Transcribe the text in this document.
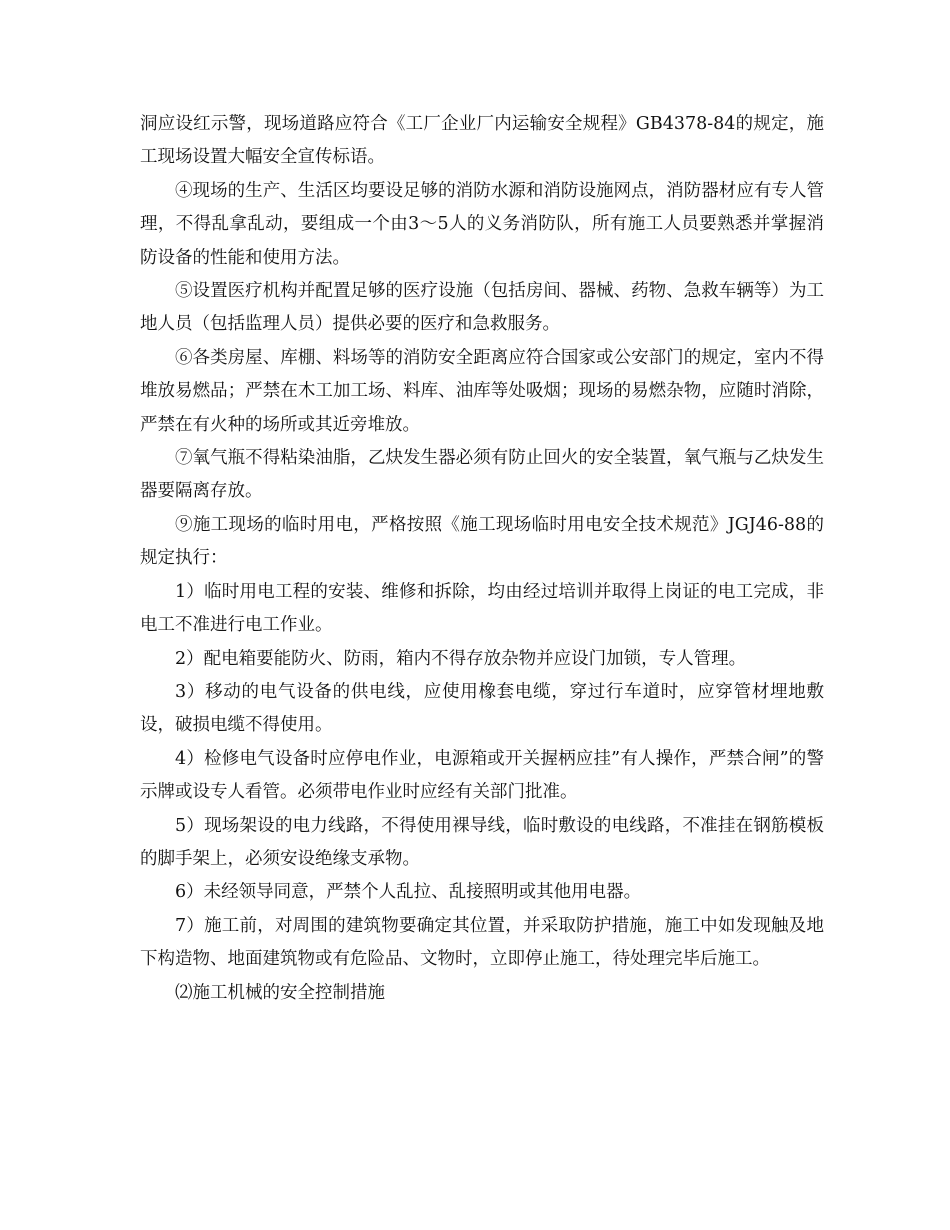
洞应设红示警，现场道路应符合《工厂企业厂内运输安全规程》GB4378-84的规定，施工现场设置大幅安全宣传标语。

④现场的生产、生活区均要设足够的消防水源和消防设施网点，消防器材应有专人管理，不得乱拿乱动，要组成一个由3～5人的义务消防队，所有施工人员要熟悉并掌握消防设备的性能和使用方法。

⑤设置医疗机构并配置足够的医疗设施（包括房间、器械、药物、急救车辆等）为工地人员（包括监理人员）提供必要的医疗和急救服务。

⑥各类房屋、库棚、料场等的消防安全距离应符合国家或公安部门的规定，室内不得堆放易燃品；严禁在木工加工场、料库、油库等处吸烟；现场的易燃杂物，应随时消除，严禁在有火种的场所或其近旁堆放。

⑦氧气瓶不得粘染油脂，乙炔发生器必须有防止回火的安全装置，氧气瓶与乙炔发生器要隔离存放。

⑨施工现场的临时用电，严格按照《施工现场临时用电安全技术规范》JGJ46-88的规定执行：

1）临时用电工程的安装、维修和拆除，均由经过培训并取得上岗证的电工完成，非电工不准进行电工作业。

2）配电箱要能防火、防雨，箱内不得存放杂物并应设门加锁，专人管理。

3）移动的电气设备的供电线，应使用橡套电缆，穿过行车道时，应穿管材埋地敷设，破损电缆不得使用。

4）检修电气设备时应停电作业，电源箱或开关握柄应挂”有人操作，严禁合闸”的警示牌或设专人看管。必须带电作业时应经有关部门批准。

5）现场架设的电力线路，不得使用裸导线，临时敷设的电线路，不准挂在钢筋模板的脚手架上，必须安设绝缘支承物。

6）未经领导同意，严禁个人乱拉、乱接照明或其他用电器。

7）施工前，对周围的建筑物要确定其位置，并采取防护措施，施工中如发现触及地下构造物、地面建筑物或有危险品、文物时，立即停止施工，待处理完毕后施工。

⑵施工机械的安全控制措施
